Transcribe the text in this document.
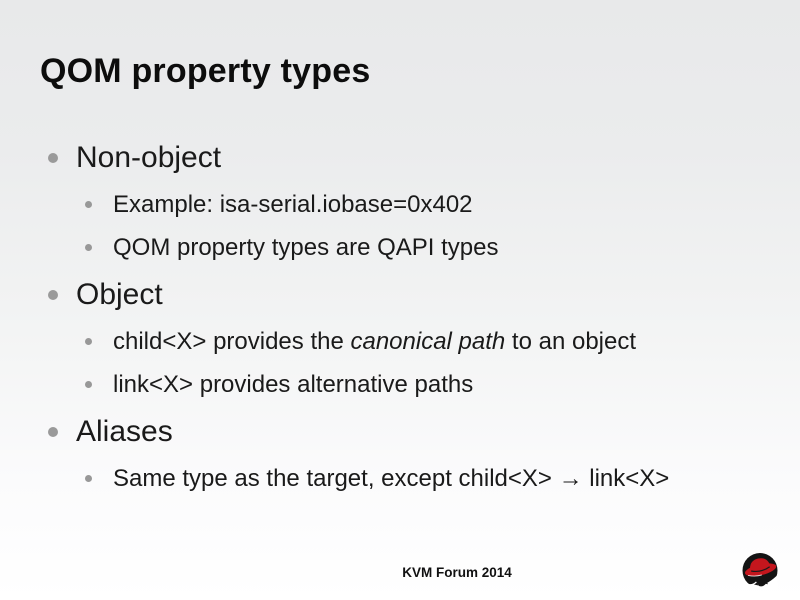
QOM property types
Non-object
Example: isa-serial.iobase=0x402
QOM property types are QAPI types
Object
child<X> provides the canonical path to an object
link<X> provides alternative paths
Aliases
Same type as the target, except child<X> → link<X>
KVM Forum 2014
